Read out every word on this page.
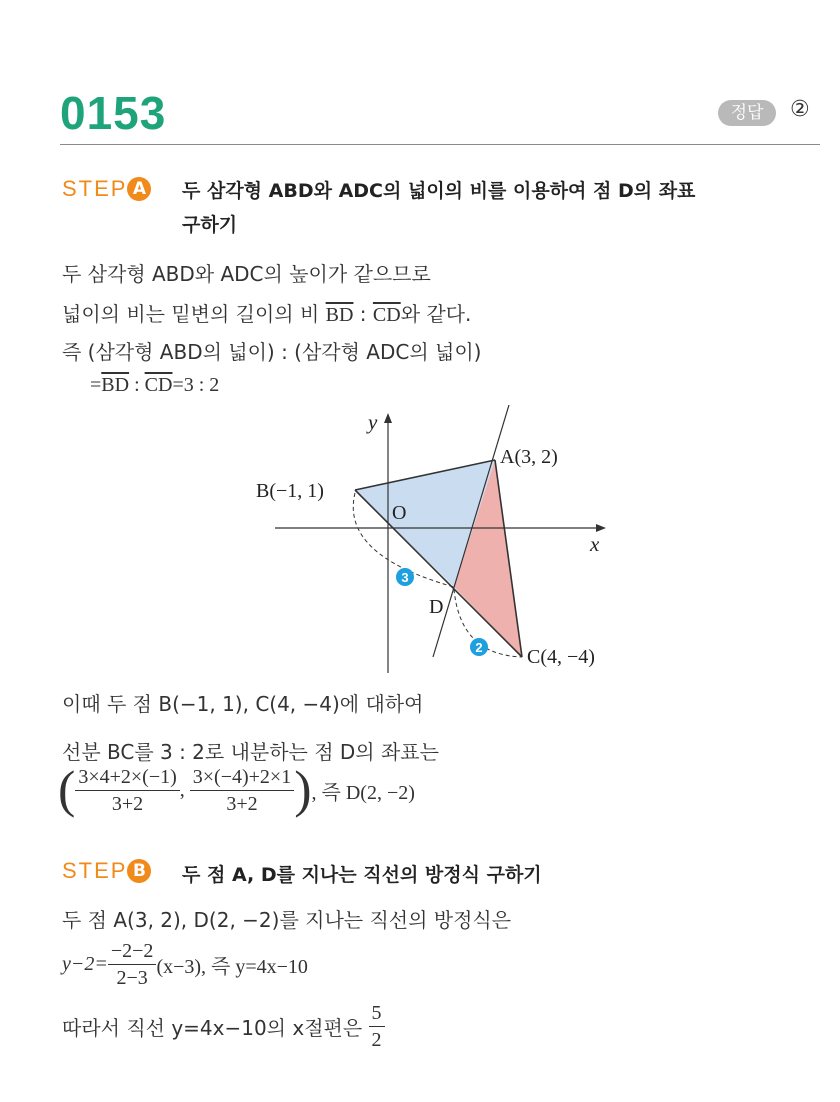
0153	정답	②
STEP A 두 삼각형 ABD와 ADC의 넓이의 비를 이용하여 점 D의 좌표
구하기
두 삼각형 ABD와 ADC의 높이가 같으므로
넓이의 비는 밑변의 길이의 비 $\overline{BD}$ : $\overline{CD}$와 같다.
즉 (삼각형 ABD의 넓이) : (삼각형 ADC의 넓이)
$=\overline{BD}$ : $\overline{CD}=3$ : 2
3
2
y
x
O
A(3, 2)
B(−1, 1)
C(4, −4)
D
이때 두 점 B(−1, 1), C(4, −4)에 대하여
선분 BC를 3 : 2로 내분하는 점 D의 좌표는
( $\frac{3\times 4+2\times(-1)}{3+2}$ , $\frac{3\times(-4)+2\times 1}{3+2}$ ), 즉 D(2, −2)
STEP B 두 점 A, D를 지나는 직선의 방정식 구하기
두 점 A(3, 2), D(2, −2)를 지나는 직선의 방정식은
$y-2= \frac{-2-2}{2-3} (x-3)$, 즉 y=4x−10
따라서 직선 y=4x−10의 x절편은 $\frac{5}{2}$
